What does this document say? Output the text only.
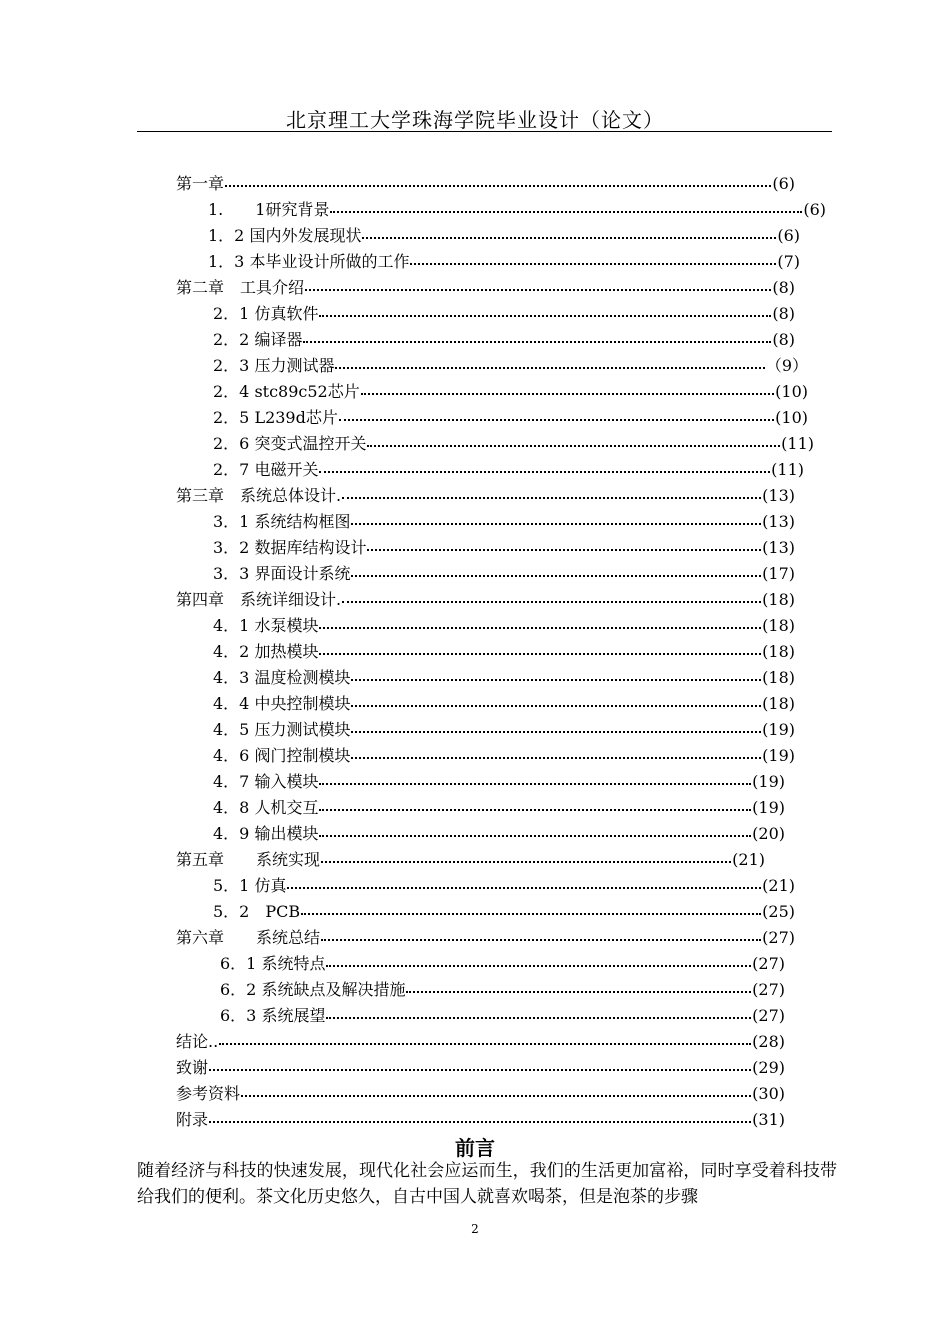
北京理工大学珠海学院毕业设计（论文）
第一章	(6)
1.　　1研究背景	(6)
1．2 国内外发展现状	(6)
1．3 本毕业设计所做的工作	(7)
第二章　工具介绍	(8)
2．1 仿真软件	(8)
2．2 编译器	(8)
2．3 压力测试器	（9）
2．4 stc89c52芯片	(10)
2．5 L239d芯片	(10)
2．6 突变式温控开关	(11)
2．7 电磁开关	(11)
第三章　系统总体设计.	(13)
3．1 系统结构框图	(13)
3．2 数据库结构设计	(13)
3．3 界面设计系统	(17)
第四章　系统详细设计.	(18)
4．1 水泵模块	(18)
4．2 加热模块	(18)
4．3 温度检测模块	(18)
4．4 中央控制模块	(18)
4．5 压力测试模块	(19)
4．6 阀门控制模块	(19)
4．7 输入模块	(19)
4．8 人机交互	(19)
4．9 输出模块	(20)
第五章　　系统实现	(21)
5．1 仿真	(21)
5．2　PCB	(25)
第六章　　系统总结	(27)
6．1 系统特点	(27)
6．2 系统缺点及解决措施	(27)
6．3 系统展望	(27)
结论..	(28)
致谢	(29)
参考资料	(30)
附录	(31)
前言
随着经济与科技的快速发展，现代化社会应运而生，我们的生活更加富裕，同时享受着科技带给我们的便利。茶文化历史悠久，自古中国人就喜欢喝茶，但是泡茶的步骤
2
